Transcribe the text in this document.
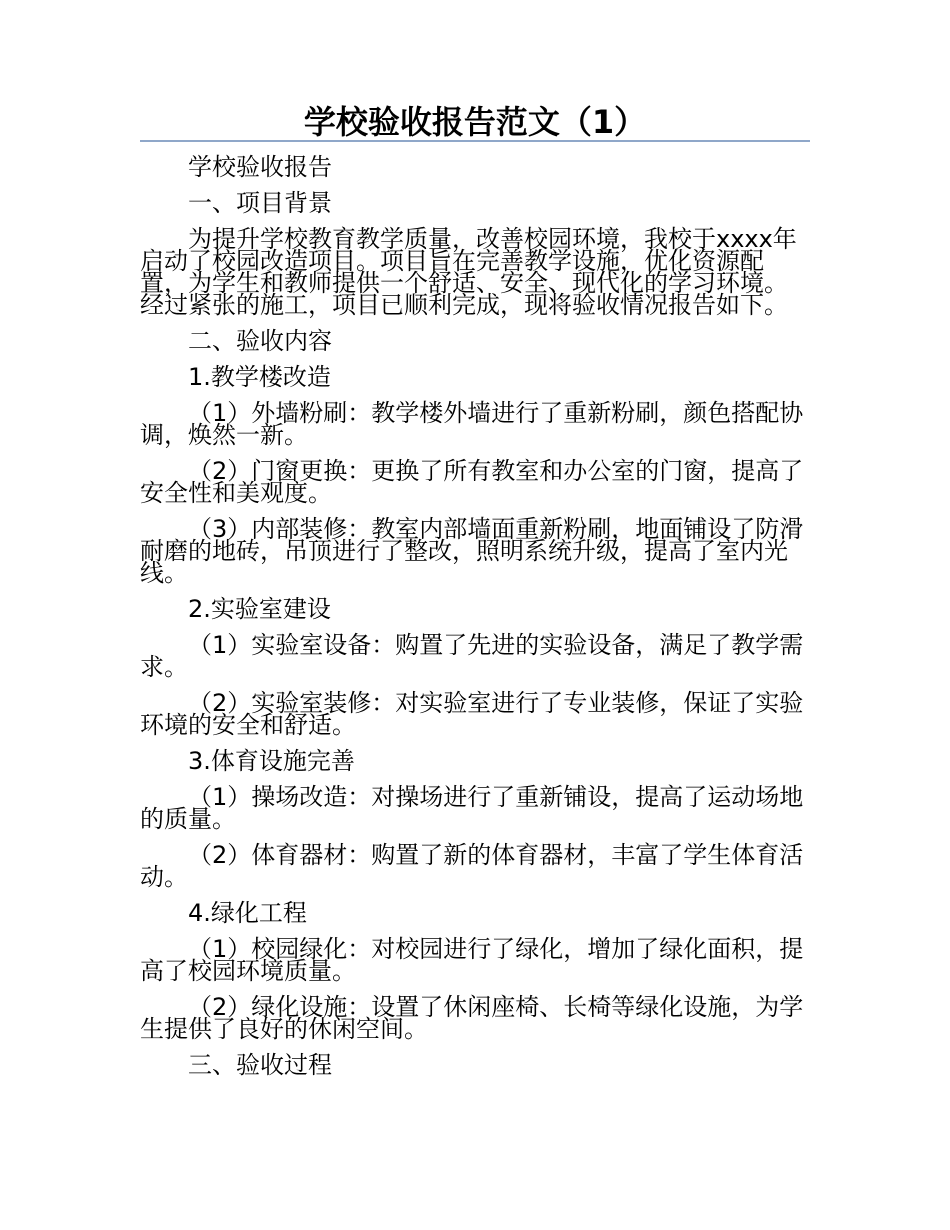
学校验收报告范文（1）

学校验收报告

一、项目背景

为提升学校教育教学质量，改善校园环境，我校于xxxx年启动了校园改造项目。项目旨在完善教学设施，优化资源配置，为学生和教师提供一个舒适、安全、现代化的学习环境。经过紧张的施工，项目已顺利完成，现将验收情况报告如下。

二、验收内容

1.教学楼改造

（1）外墙粉刷：教学楼外墙进行了重新粉刷，颜色搭配协调，焕然一新。

（2）门窗更换：更换了所有教室和办公室的门窗，提高了安全性和美观度。

（3）内部装修：教室内部墙面重新粉刷，地面铺设了防滑耐磨的地砖，吊顶进行了整改，照明系统升级，提高了室内光线。

2.实验室建设

（1）实验室设备：购置了先进的实验设备，满足了教学需求。

（2）实验室装修：对实验室进行了专业装修，保证了实验环境的安全和舒适。

3.体育设施完善

（1）操场改造：对操场进行了重新铺设，提高了运动场地的质量。

（2）体育器材：购置了新的体育器材，丰富了学生体育活动。

4.绿化工程

（1）校园绿化：对校园进行了绿化，增加了绿化面积，提高了校园环境质量。

（2）绿化设施：设置了休闲座椅、长椅等绿化设施，为学生提供了良好的休闲空间。

三、验收过程
